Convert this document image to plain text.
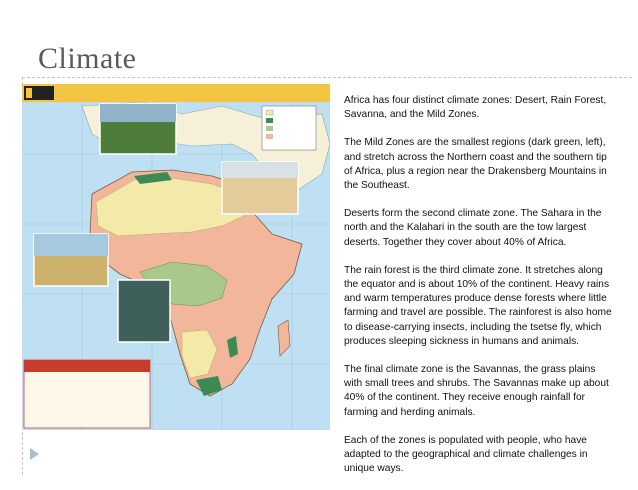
Climate

Africa has four distinct climate zones: Desert, Rain Forest, Savanna, and the Mild Zones.

The Mild Zones are the smallest regions (dark green, left), and stretch across the Northern coast and the southern tip of Africa, plus a region near the Drakensberg Mountains in the Southeast.

Deserts form the second climate zone. The Sahara in the north and the Kalahari in the south are the tow largest deserts. Together they cover about 40% of Africa.

The rain forest is the third climate zone. It stretches along the equator and is about 10% of the continent. Heavy rains and warm temperatures produce dense forests where little farming and travel are possible. The rainforest is also home to disease-carrying insects, including the tsetse fly, which produces sleeping sickness in humans and animals.

The final climate zone is the Savannas, the grass plains with small trees and shrubs. The Savannas make up about 40% of the continent. They receive enough rainfall for farming and herding animals.

Each of the zones is populated with people, who have adapted to the geographical and climate challenges in unique ways.
